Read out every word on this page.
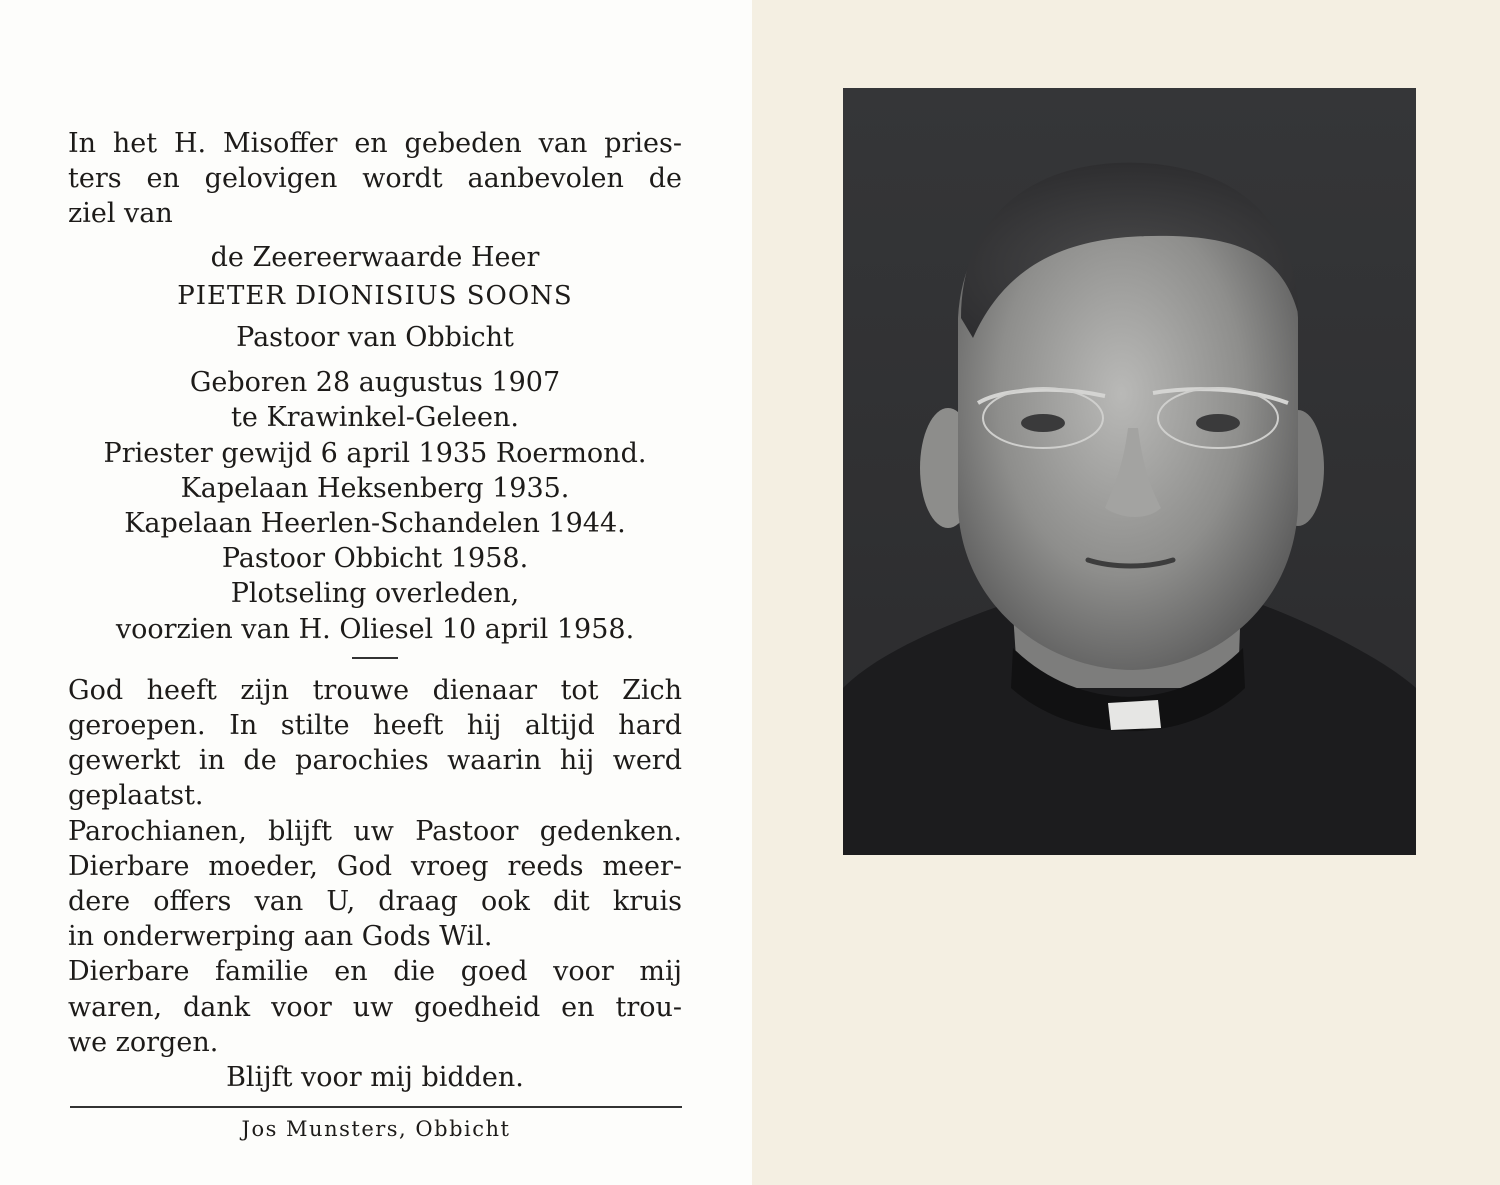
In het H. Misoffer en gebeden van pries-
ters en gelovigen wordt aanbevolen de
ziel van
de Zeereerwaarde Heer
PIETER DIONISIUS SOONS
Pastoor van Obbicht
Geboren 28 augustus 1907
te Krawinkel-Geleen.
Priester gewijd 6 april 1935 Roermond.
Kapelaan Heksenberg 1935.
Kapelaan Heerlen-Schandelen 1944.
Pastoor Obbicht 1958.
Plotseling overleden,
voorzien van H. Oliesel 10 april 1958.
God heeft zijn trouwe dienaar tot Zich
geroepen. In stilte heeft hij altijd hard
gewerkt in de parochies waarin hij werd
geplaatst.
Parochianen, blijft uw Pastoor gedenken.
Dierbare moeder, God vroeg reeds meer-
dere offers van U, draag ook dit kruis
in onderwerping aan Gods Wil.
Dierbare familie en die goed voor mij
waren, dank voor uw goedheid en trou-
we zorgen.
Blijft voor mij bidden.
Jos Munsters, Obbicht
